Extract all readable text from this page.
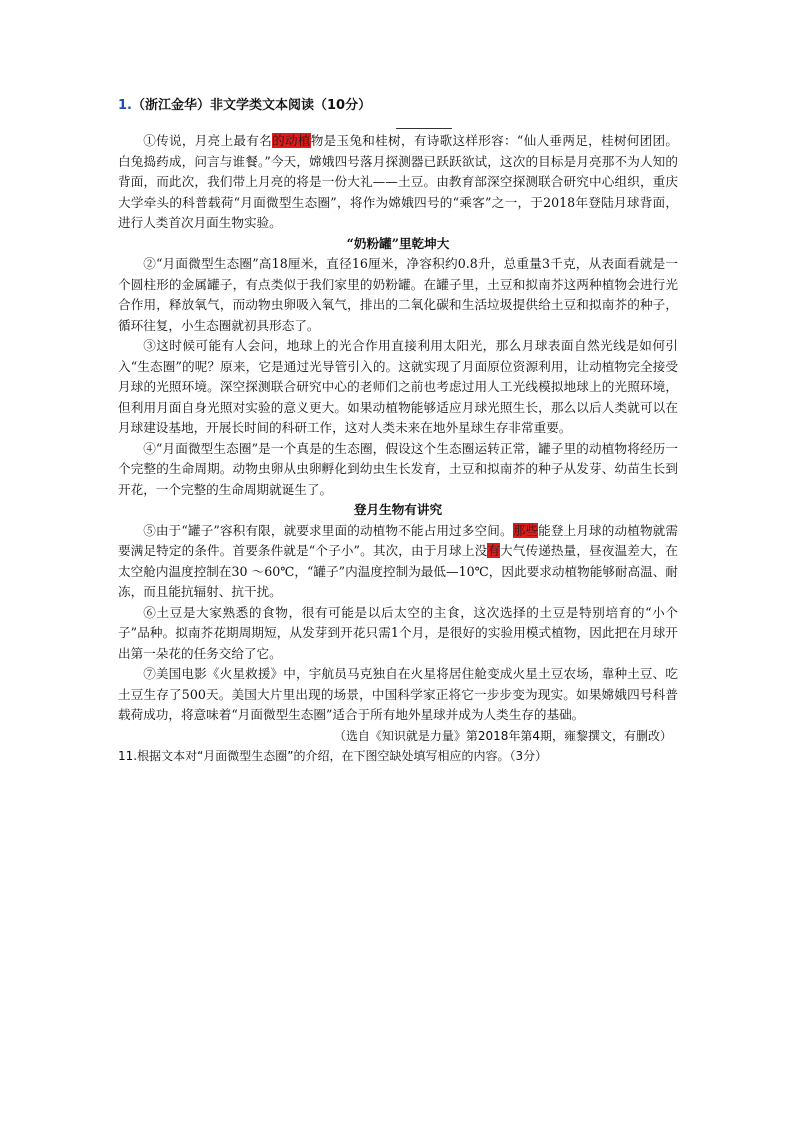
1.（浙江金华）非文学类文本阅读（10分）

①传说，月亮上最有名的动植物是玉兔和桂树，有诗歌这样形容：“仙人垂两足，桂树何团团。白兔捣药成，问言与谁餐。”今天，嫦娥四号落月探测器已跃跃欲试，这次的目标是月亮那不为人知的背面，而此次，我们带上月亮的将是一份大礼——土豆。由教育部深空探测联合研究中心组织，重庆大学牵头的科普载荷“月面微型生态圈”，将作为嫦娥四号的“乘客”之一，于2018年登陆月球背面，进行人类首次月面生物实验。

“奶粉罐”里乾坤大

②“月面微型生态圈”高18厘米，直径16厘米，净容积约0.8升，总重量3千克，从表面看就是一个圆柱形的金属罐子，有点类似于我们家里的奶粉罐。在罐子里，土豆和拟南芥这两种植物会进行光合作用，释放氧气，而动物虫卵吸入氧气，排出的二氧化碳和生活垃圾提供给土豆和拟南芥的种子，循环往复，小生态圈就初具形态了。

③这时候可能有人会问，地球上的光合作用直接利用太阳光，那么月球表面自然光线是如何引入“生态圈”的呢？原来，它是通过光导管引入的。这就实现了月面原位资源利用，让动植物完全接受月球的光照环境。深空探测联合研究中心的老师们之前也考虑过用人工光线模拟地球上的光照环境，但利用月面自身光照对实验的意义更大。如果动植物能够适应月球光照生长，那么以后人类就可以在月球建设基地，开展长时间的科研工作，这对人类未来在地外星球生存非常重要。

④“月面微型生态圈”是一个真是的生态圈，假设这个生态圈运转正常，罐子里的动植物将经历一个完整的生命周期。动物虫卵从虫卵孵化到幼虫生长发育，土豆和拟南芥的种子从发芽、幼苗生长到开花，一个完整的生命周期就诞生了。

登月生物有讲究

⑤由于“罐子”容积有限，就要求里面的动植物不能占用过多空间。那些能登上月球的动植物就需要满足特定的条件。首要条件就是“个子小”。其次，由于月球上没有大气传递热量，昼夜温差大，在太空舱内温度控制在30 ～60℃，“罐子”内温度控制为最低—10℃，因此要求动植物能够耐高温、耐冻，而且能抗辐射、抗干扰。

⑥土豆是大家熟悉的食物，很有可能是以后太空的主食，这次选择的土豆是特别培育的“小个子”品种。拟南芥花期周期短，从发芽到开花只需1个月，是很好的实验用模式植物，因此把在月球开出第一朵花的任务交给了它。

⑦美国电影《火星救援》中，宇航员马克独自在火星将居住舱变成火星土豆农场，靠种土豆、吃土豆生存了500天。美国大片里出现的场景，中国科学家正将它一步步变为现实。如果嫦娥四号科普载荷成功，将意味着“月面微型生态圈”适合于所有地外星球并成为人类生存的基础。

（选自《知识就是力量》第2018年第4期，雍黎撰文，有删改）

11.根据文本对“月面微型生态圈”的介绍，在下图空缺处填写相应的内容。（3分）
